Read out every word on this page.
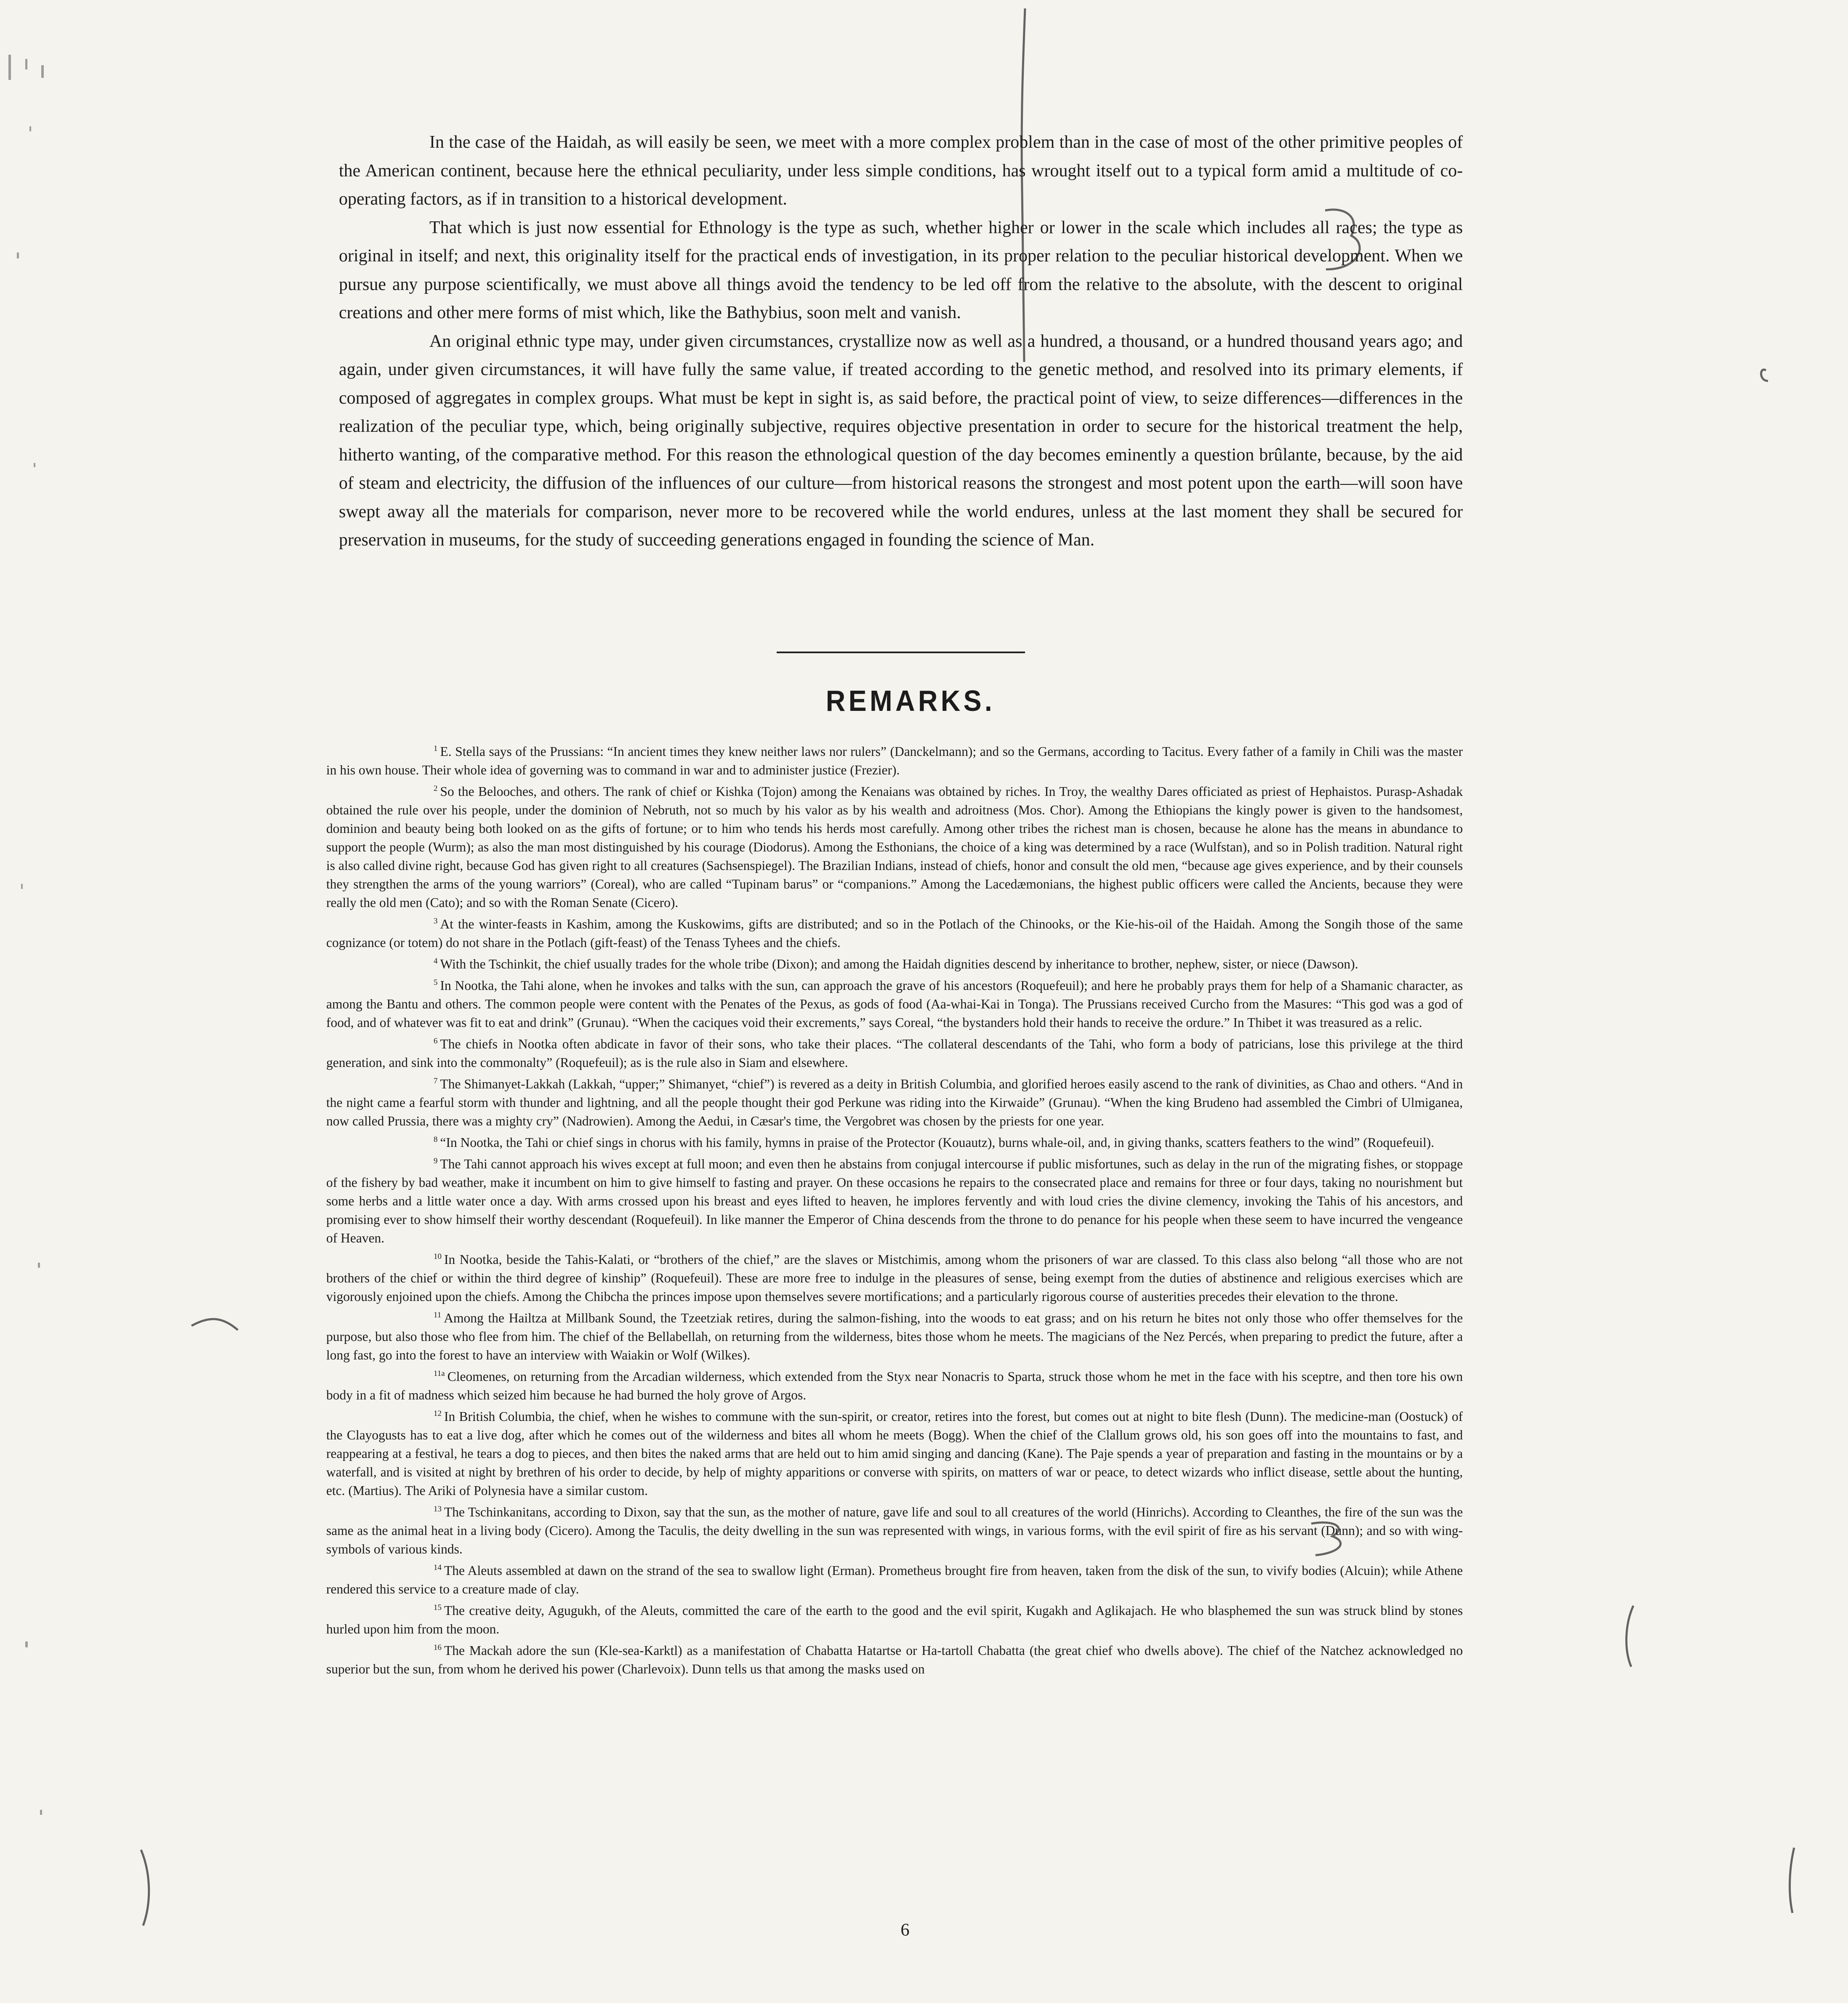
In the case of the Haidah, as will easily be seen, we meet with a more complex problem than in the case of most of the other primitive peoples of the American continent, because here the ethnical peculiarity, under less simple conditions, has wrought itself out to a typical form amid a multitude of co-operating factors, as if in transition to a historical development.

That which is just now essential for Ethnology is the type as such, whether higher or lower in the scale which includes all races; the type as original in itself; and next, this originality itself for the practical ends of investigation, in its proper relation to the peculiar historical development. When we pursue any purpose scientifically, we must above all things avoid the tendency to be led off from the relative to the absolute, with the descent to original creations and other mere forms of mist which, like the Bathybius, soon melt and vanish.

An original ethnic type may, under given circumstances, crystallize now as well as a hundred, a thousand, or a hundred thousand years ago; and again, under given circumstances, it will have fully the same value, if treated according to the genetic method, and resolved into its primary elements, if composed of aggregates in complex groups. What must be kept in sight is, as said before, the practical point of view, to seize differences—differences in the realization of the peculiar type, which, being originally subjective, requires objective presentation in order to secure for the historical treatment the help, hitherto wanting, of the comparative method. For this reason the ethnological question of the day becomes eminently a question brûlante, because, by the aid of steam and electricity, the diffusion of the influences of our culture—from historical reasons the strongest and most potent upon the earth—will soon have swept away all the materials for comparison, never more to be recovered while the world endures, unless at the last moment they shall be secured for preservation in museums, for the study of succeeding generations engaged in founding the science of Man.

REMARKS.

$^1$ E. Stella says of the Prussians: “In ancient times they knew neither laws nor rulers” (Danckelmann); and so the Germans, according to Tacitus. Every father of a family in Chili was the master in his own house. Their whole idea of governing was to command in war and to administer justice (Frezier).

$^2$ So the Belooches, and others. The rank of chief or Kishka (Tojon) among the Kenaians was obtained by riches. In Troy, the wealthy Dares officiated as priest of Hephaistos. Purasp-Ashadak obtained the rule over his people, under the dominion of Nebruth, not so much by his valor as by his wealth and adroitness (Mos. Chor). Among the Ethiopians the kingly power is given to the handsomest, dominion and beauty being both looked on as the gifts of fortune; or to him who tends his herds most carefully. Among other tribes the richest man is chosen, because he alone has the means in abundance to support the people (Wurm); as also the man most distinguished by his courage (Diodorus). Among the Esthonians, the choice of a king was determined by a race (Wulfstan), and so in Polish tradition. Natural right is also called divine right, because God has given right to all creatures (Sachsenspiegel). The Brazilian Indians, instead of chiefs, honor and consult the old men, “because age gives experience, and by their counsels they strengthen the arms of the young warriors” (Coreal), who are called “Tupinam barus” or “companions.” Among the Lacedæmonians, the highest public officers were called the Ancients, because they were really the old men (Cato); and so with the Roman Senate (Cicero).

$^3$ At the winter-feasts in Kashim, among the Kuskowims, gifts are distributed; and so in the Potlach of the Chinooks, or the Kie-his-oil of the Haidah. Among the Songih those of the same cognizance (or totem) do not share in the Potlach (gift-feast) of the Tenass Tyhees and the chiefs.

$^4$ With the Tschinkit, the chief usually trades for the whole tribe (Dixon); and among the Haidah dignities descend by inheritance to brother, nephew, sister, or niece (Dawson).

$^5$ In Nootka, the Tahi alone, when he invokes and talks with the sun, can approach the grave of his ancestors (Roquefeuil); and here he probably prays them for help of a Shamanic character, as among the Bantu and others. The common people were content with the Penates of the Pexus, as gods of food (Aa-whai-Kai in Tonga). The Prussians received Curcho from the Masures: “This god was a god of food, and of whatever was fit to eat and drink” (Grunau). “When the caciques void their excrements,” says Coreal, “the bystanders hold their hands to receive the ordure.” In Thibet it was treasured as a relic.

$^6$ The chiefs in Nootka often abdicate in favor of their sons, who take their places. “The collateral descendants of the Tahi, who form a body of patricians, lose this privilege at the third generation, and sink into the commonalty” (Roquefeuil); as is the rule also in Siam and elsewhere.

$^7$ The Shimanyet-Lakkah (Lakkah, “upper;” Shimanyet, “chief”) is revered as a deity in British Columbia, and glorified heroes easily ascend to the rank of divinities, as Chao and others. “And in the night came a fearful storm with thunder and lightning, and all the people thought their god Perkune was riding into the Kirwaide” (Grunau). “When the king Brudeno had assembled the Cimbri of Ulmiganea, now called Prussia, there was a mighty cry” (Nadrowien). Among the Aedui, in Cæsar's time, the Vergobret was chosen by the priests for one year.

$^8$ “In Nootka, the Tahi or chief sings in chorus with his family, hymns in praise of the Protector (Kouautz), burns whale-oil, and, in giving thanks, scatters feathers to the wind” (Roquefeuil).

$^9$ The Tahi cannot approach his wives except at full moon; and even then he abstains from conjugal intercourse if public misfortunes, such as delay in the run of the migrating fishes, or stoppage of the fishery by bad weather, make it incumbent on him to give himself to fasting and prayer. On these occasions he repairs to the consecrated place and remains for three or four days, taking no nourishment but some herbs and a little water once a day. With arms crossed upon his breast and eyes lifted to heaven, he implores fervently and with loud cries the divine clemency, invoking the Tahis of his ancestors, and promising ever to show himself their worthy descendant (Roquefeuil). In like manner the Emperor of China descends from the throne to do penance for his people when these seem to have incurred the vengeance of Heaven.

$^{10}$ In Nootka, beside the Tahis-Kalati, or “brothers of the chief,” are the slaves or Mistchimis, among whom the prisoners of war are classed. To this class also belong “all those who are not brothers of the chief or within the third degree of kinship” (Roquefeuil). These are more free to indulge in the pleasures of sense, being exempt from the duties of abstinence and religious exercises which are vigorously enjoined upon the chiefs. Among the Chibcha the princes impose upon themselves severe mortifications; and a particularly rigorous course of austerities precedes their elevation to the throne.

$^{11}$ Among the Hailtza at Millbank Sound, the Tzeetziak retires, during the salmon-fishing, into the woods to eat grass; and on his return he bites not only those who offer themselves for the purpose, but also those who flee from him. The chief of the Bellabellah, on returning from the wilderness, bites those whom he meets. The magicians of the Nez Percés, when preparing to predict the future, after a long fast, go into the forest to have an interview with Waiakin or Wolf (Wilkes).

$^{11a}$ Cleomenes, on returning from the Arcadian wilderness, which extended from the Styx near Nonacris to Sparta, struck those whom he met in the face with his sceptre, and then tore his own body in a fit of madness which seized him because he had burned the holy grove of Argos.

$^{12}$ In British Columbia, the chief, when he wishes to commune with the sun-spirit, or creator, retires into the forest, but comes out at night to bite flesh (Dunn). The medicine-man (Oostuck) of the Clayogusts has to eat a live dog, after which he comes out of the wilderness and bites all whom he meets (Bogg). When the chief of the Clallum grows old, his son goes off into the mountains to fast, and reappearing at a festival, he tears a dog to pieces, and then bites the naked arms that are held out to him amid singing and dancing (Kane). The Paje spends a year of preparation and fasting in the mountains or by a waterfall, and is visited at night by brethren of his order to decide, by help of mighty apparitions or converse with spirits, on matters of war or peace, to detect wizards who inflict disease, settle about the hunting, etc. (Martius). The Ariki of Polynesia have a similar custom.

$^{13}$ The Tschinkanitans, according to Dixon, say that the sun, as the mother of nature, gave life and soul to all creatures of the world (Hinrichs). According to Cleanthes, the fire of the sun was the same as the animal heat in a living body (Cicero). Among the Taculis, the deity dwelling in the sun was represented with wings, in various forms, with the evil spirit of fire as his servant (Dunn); and so with wing-symbols of various kinds.

$^{14}$ The Aleuts assembled at dawn on the strand of the sea to swallow light (Erman). Prometheus brought fire from heaven, taken from the disk of the sun, to vivify bodies (Alcuin); while Athene rendered this service to a creature made of clay.

$^{15}$ The creative deity, Agugukh, of the Aleuts, committed the care of the earth to the good and the evil spirit, Kugakh and Aglikajach. He who blasphemed the sun was struck blind by stones hurled upon him from the moon.

$^{16}$ The Mackah adore the sun (Kle-sea-Karktl) as a manifestation of Chabatta Hatartse or Ha-tartoll Chabatta (the great chief who dwells above). The chief of the Natchez acknowledged no superior but the sun, from whom he derived his power (Charlevoix). Dunn tells us that among the masks used on

6
